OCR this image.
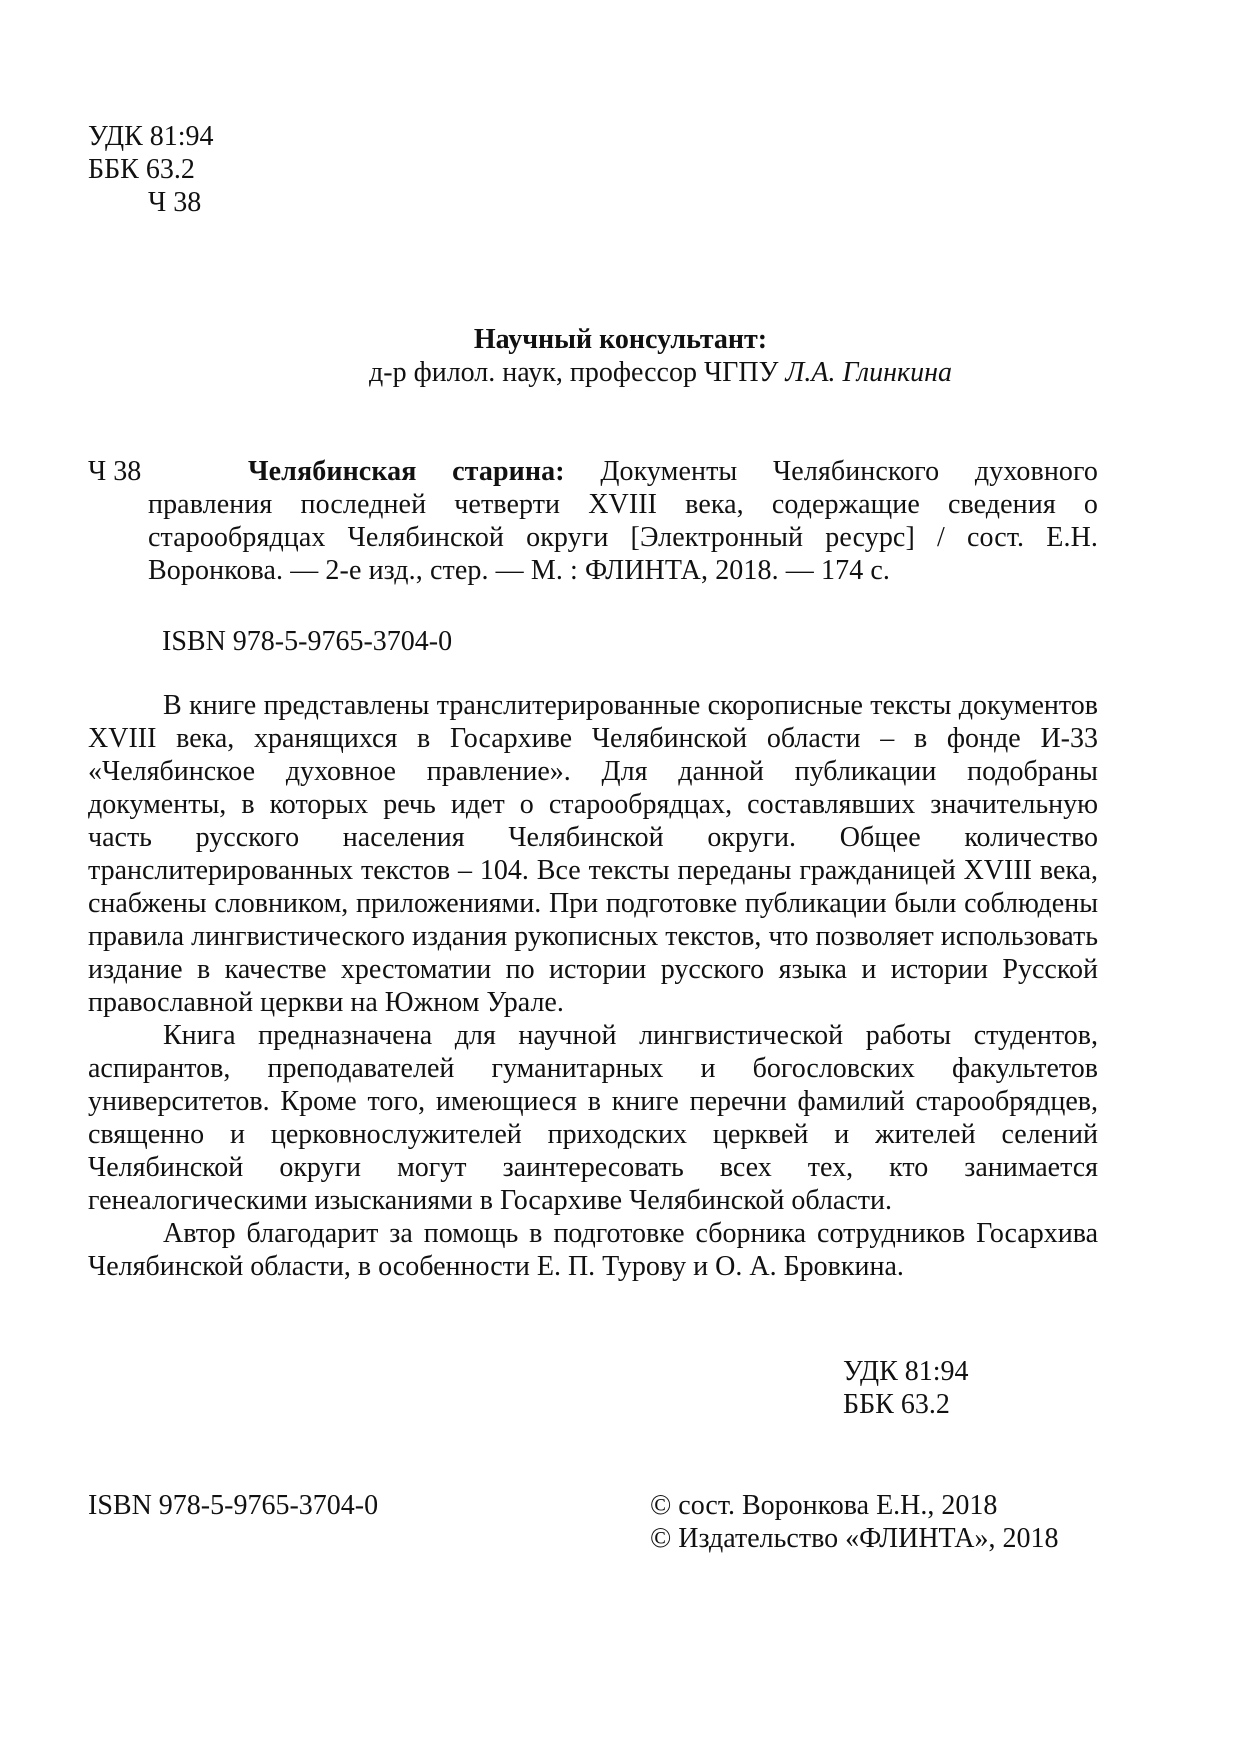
УДК 81:94
ББК 63.2
Ч 38
Научный консультант:
д-р филол. наук, профессор ЧГПУ Л.А. Глинкина
Ч 38	Челябинская старина: Документы Челябинского духовного правления последней четверти XVIII века, содержащие сведения о старообрядцах Челябинской округи [Электронный ресурс] / сост. Е.Н. Воронкова. — 2-е изд., стер. — М. : ФЛИНТА, 2018. — 174 с.
ISBN 978-5-9765-3704-0

В книге представлены транслитерированные скорописные тексты документов XVIII века, хранящихся в Госархиве Челябинской области – в фонде И-33 «Челябинское духовное правление». Для данной публикации подобраны документы, в которых речь идет о старообрядцах, составлявших значительную часть русского населения Челябинской округи. Общее количество транслитерированных текстов – 104. Все тексты переданы гражданицей XVIII века, снабжены словником, приложениями. При подготовке публикации были соблюдены правила лингвистического издания рукописных текстов, что позволяет использовать издание в качестве хрестоматии по истории русского языка и истории Русской православной церкви на Южном Урале.

Книга предназначена для научной лингвистической работы студентов, аспирантов, преподавателей гуманитарных и богословских факультетов университетов. Кроме того, имеющиеся в книге перечни фамилий старообрядцев, священно и церковнослужителей приходских церквей и жителей селений Челябинской округи могут заинтересовать всех тех, кто занимается генеалогическими изысканиями в Госархиве Челябинской области.

Автор благодарит за помощь в подготовке сборника сотрудников Госархива Челябинской области, в особенности Е. П. Турову и О. А. Бровкина.

УДК 81:94
ББК 63.2
ISBN 978-5-9765-3704-0	© сост. Воронкова Е.Н., 2018
© Издательство «ФЛИНТА», 2018
